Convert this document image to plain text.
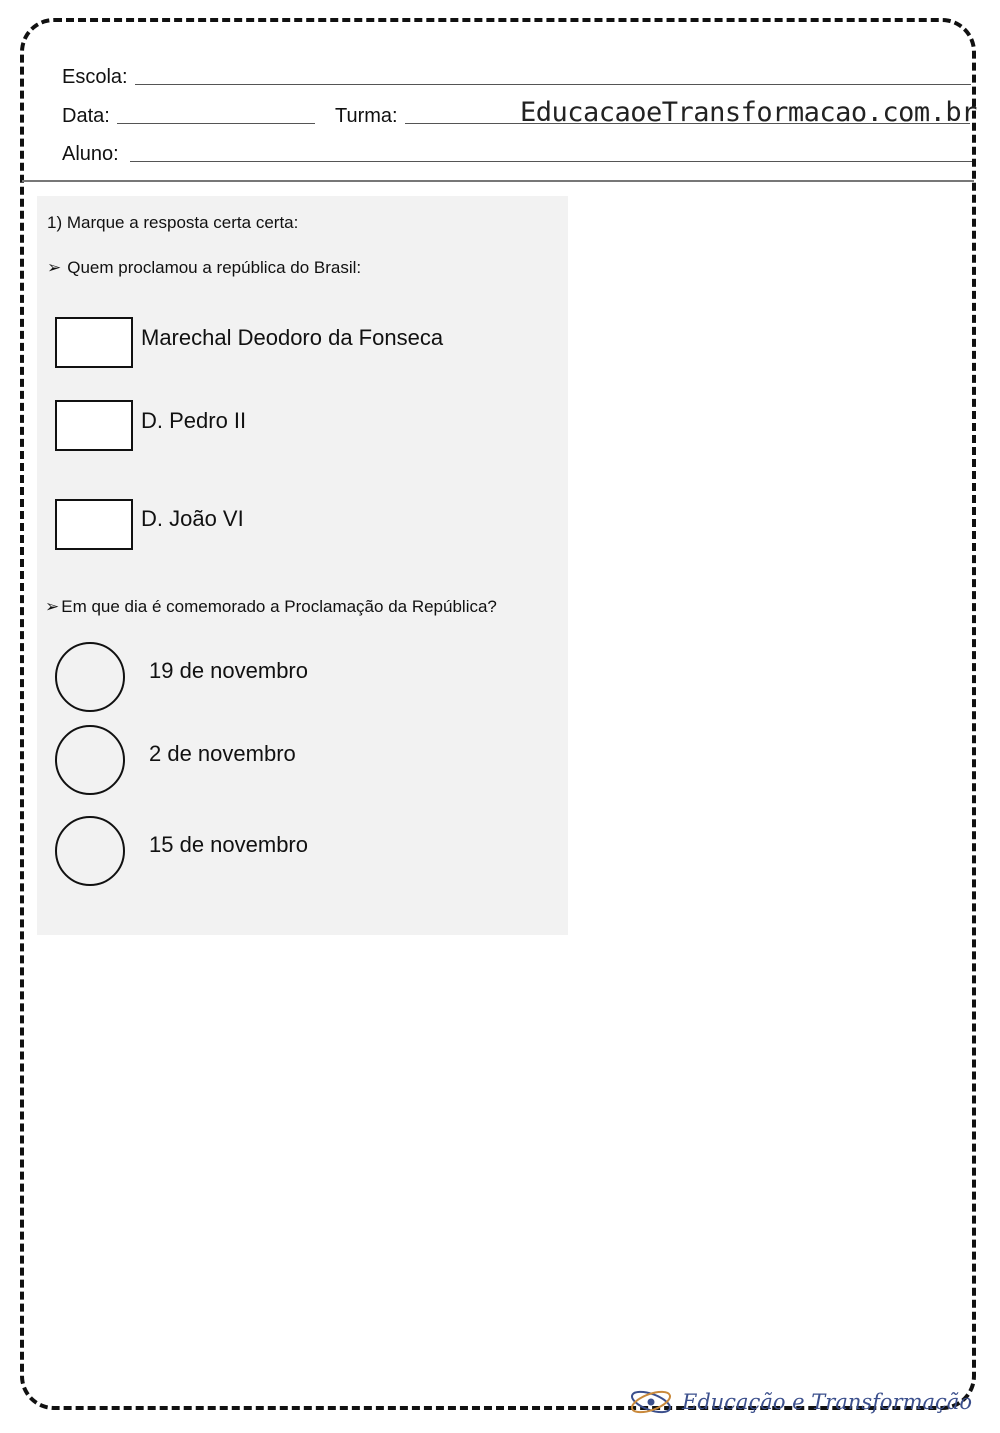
Escola:
Data:	Turma:	EducacaoeTransformacao.com.br
Aluno:
1) Marque a resposta certa certa:
➢ Quem proclamou a república do Brasil:
Marechal Deodoro da Fonseca
D. Pedro II
D. João VI
➢ Em que dia é comemorado a Proclamação da República?
19 de novembro
2 de novembro
15 de novembro
Educação e Transformação
